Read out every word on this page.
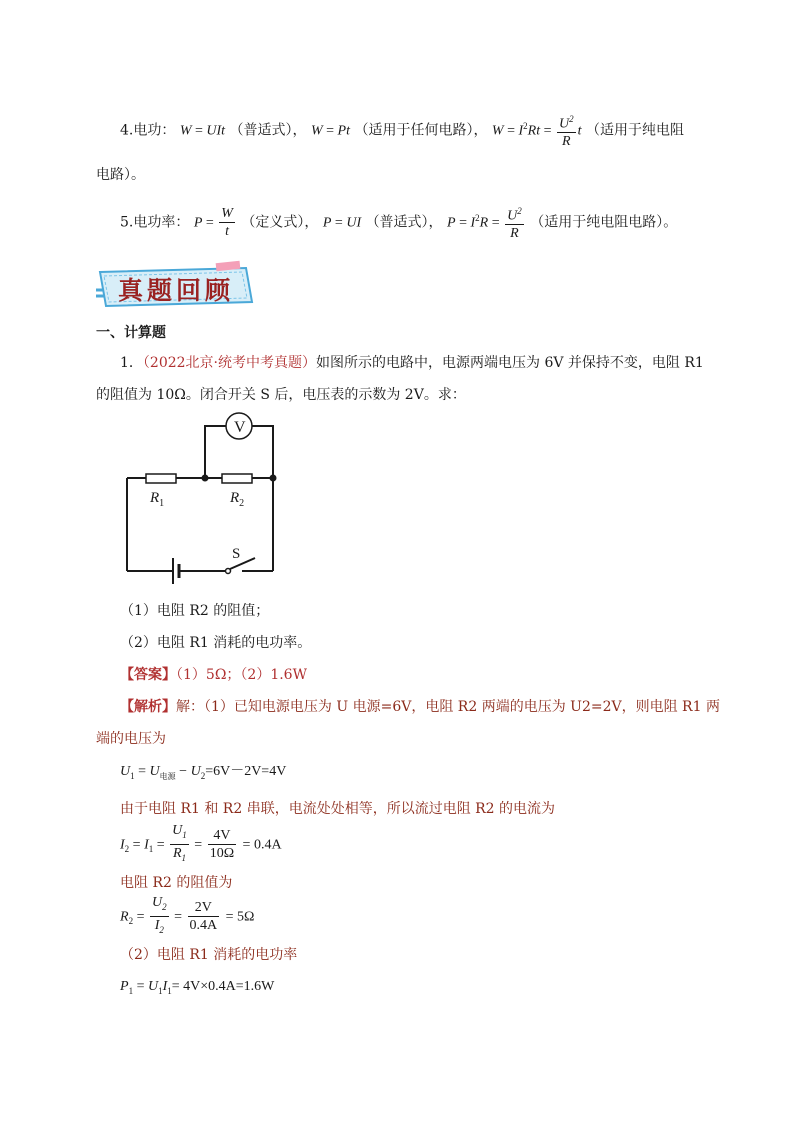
4.电功： W = UIt （普适式）， W = Pt （适用于任何电路）， $W = I^2Rt = \frac{U^2}{R}$ t （适用于纯电阻
电路）。
5.电功率： $P = \frac{W}{t}$ （定义式）， P = UI （普适式）， $P = I^2R = \frac{U^2}{R}$ （适用于纯电阻电路）。
真题回顾
一、计算题
1．（2022北京·统考中考真题）如图所示的电路中，电源两端电压为 6V 并保持不变，电阻 R1
的阻值为 10Ω。闭合开关 S 后，电压表的示数为 2V。求：
V
$R_1$	$R_2$
S
（1）电阻 R2 的阻值；
（2）电阻 R1 消耗的电功率。
【答案】（1）5Ω；（2）1.6W
【解析】解：（1）已知电源电压为 U 电源=6V，电阻 R2 两端的电压为 U2=2V，则电阻 R1 两
端的电压为
$U_1 = U_{电源} - U_2=6V-2V=4V$
由于电阻 R1 和 R2 串联，电流处处相等，所以流过电阻 R2 的电流为
$I_2 = I_1 = \frac{U_1}{R_1} = \frac{4V}{10\Omega} = 0.4A$
电阻 R2 的阻值为
$R_2 = \frac{U_2}{I_2} = \frac{2V}{0.4A} = 5\Omega$
（2）电阻 R1 消耗的电功率
$P_1 = U_1I_1= 4V\times 0.4A=1.6W$
